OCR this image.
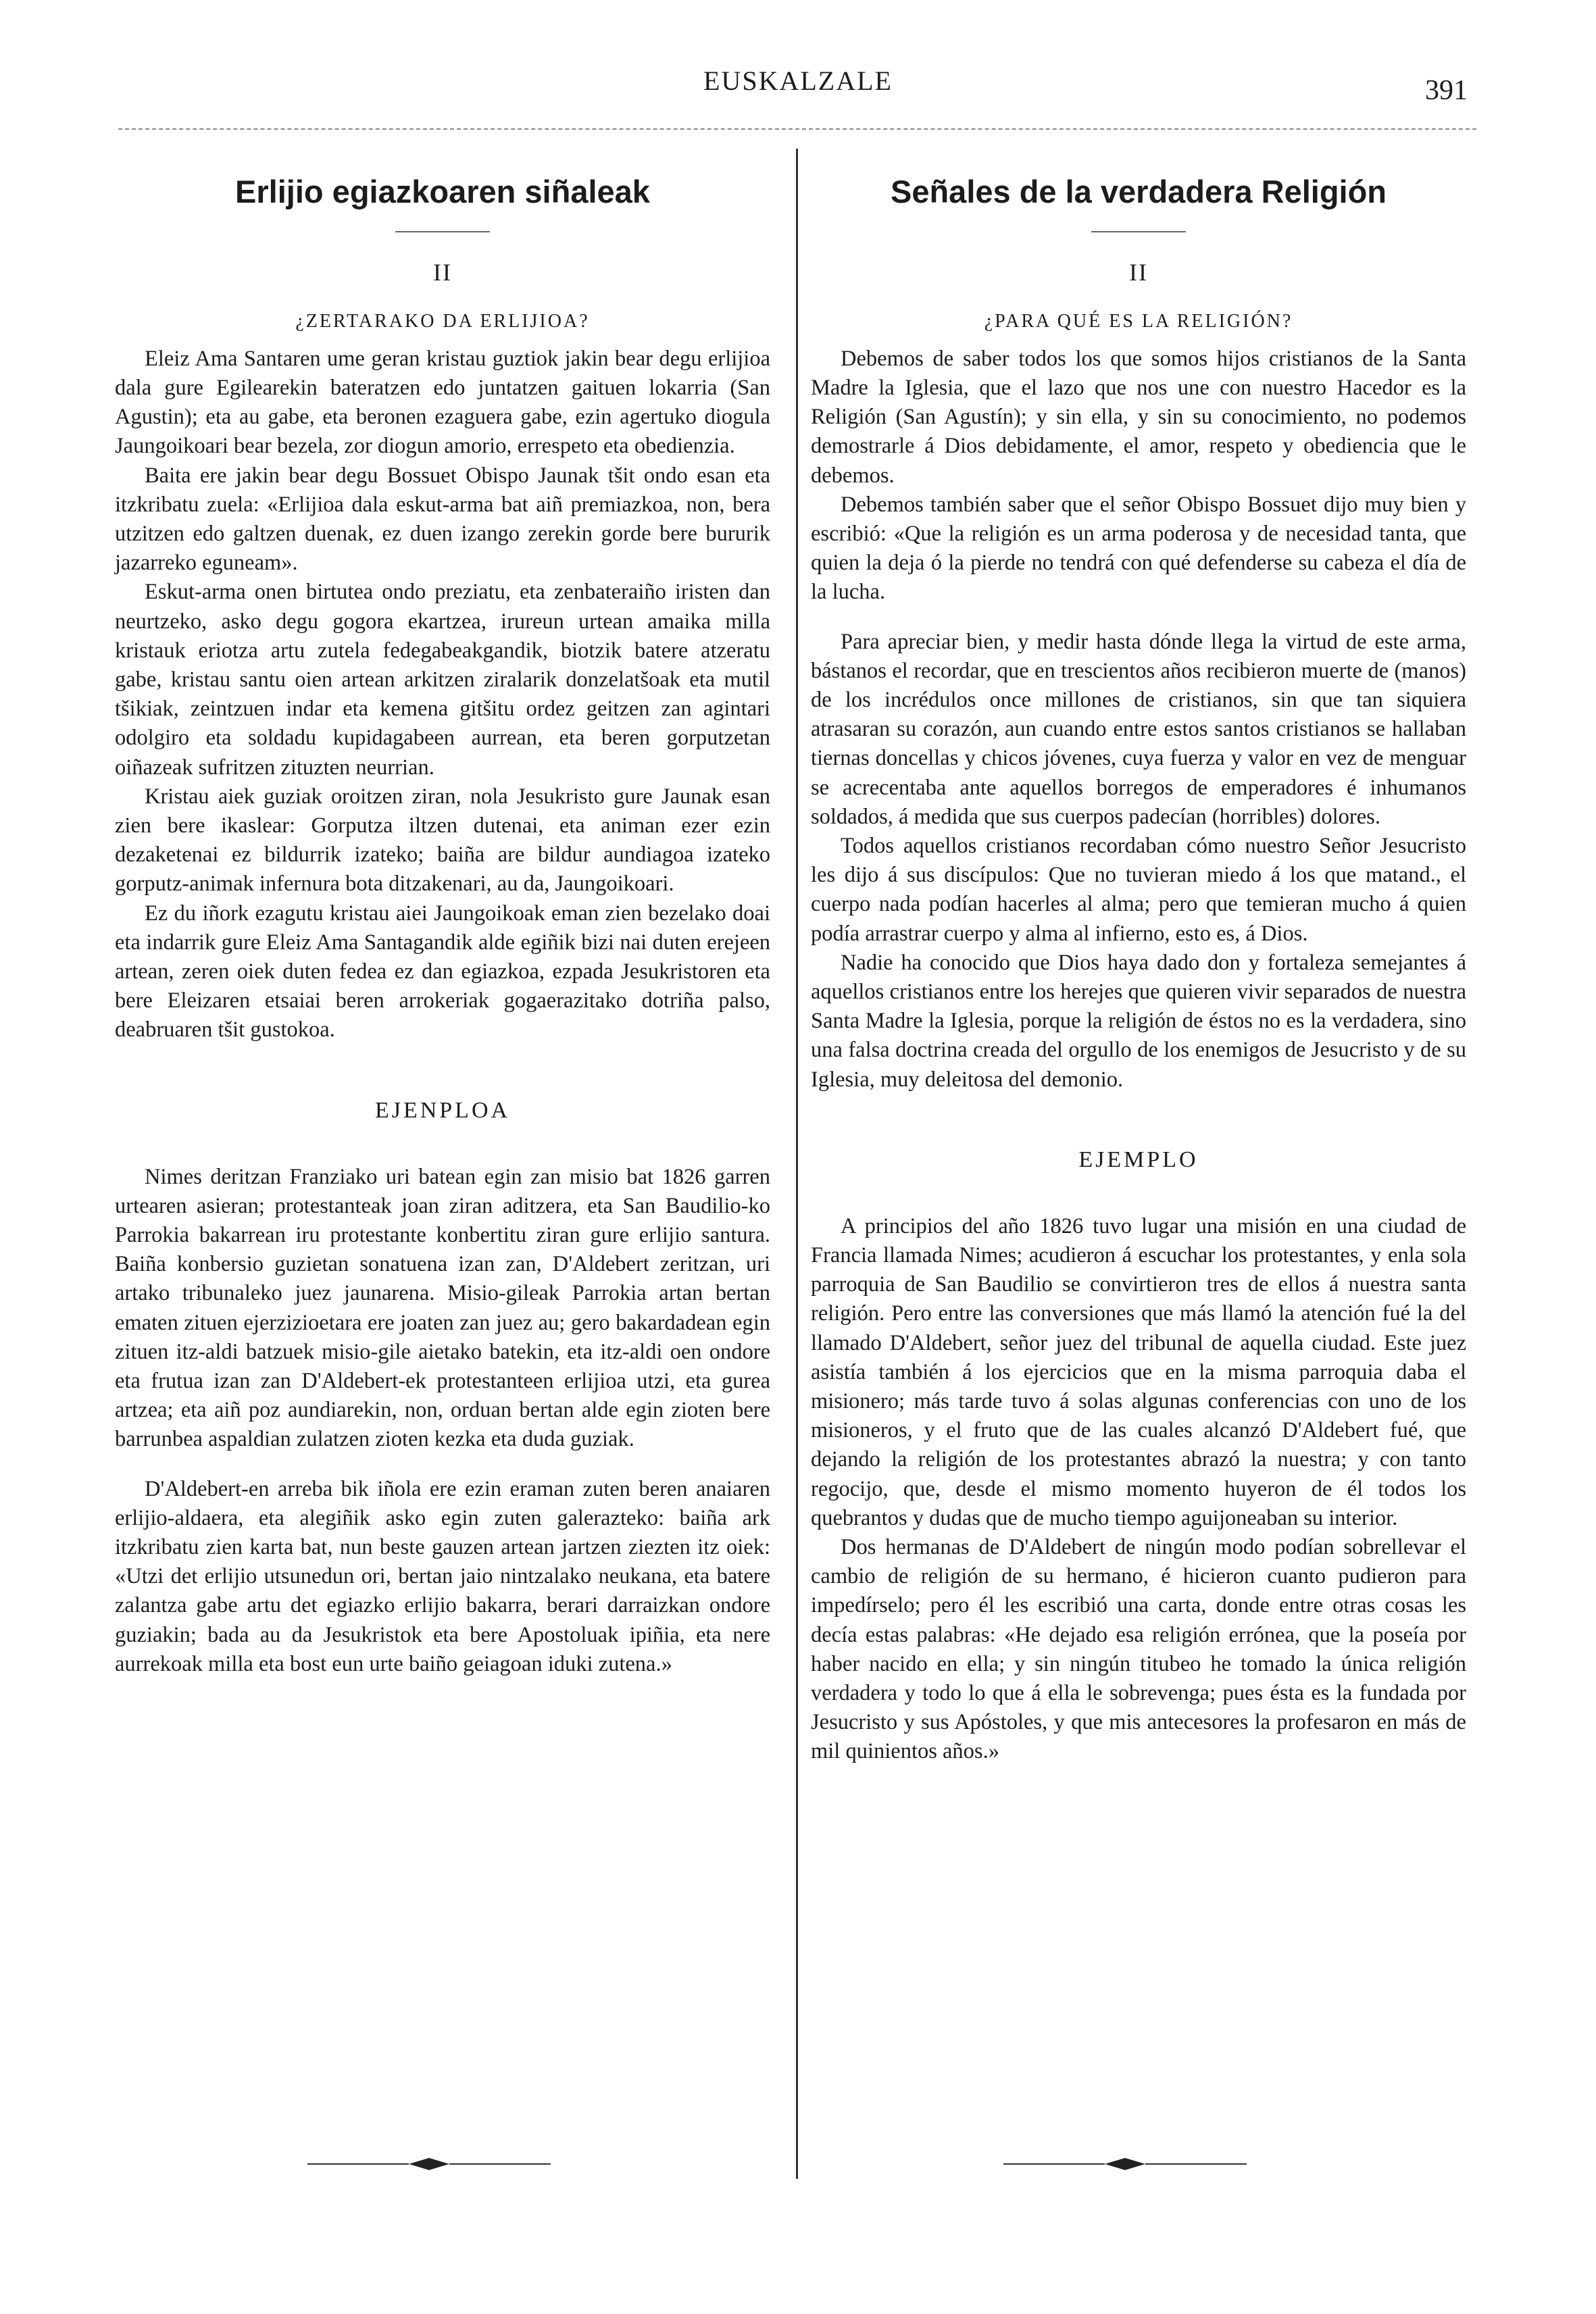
EUSKALZALE	391
Erlijio egiazkoaren siñaleak
II
¿ZERTARAKO DA ERLIJIOA?

Eleiz Ama Santaren ume geran kristau guztiok jakin bear degu erlijioa dala gure Egilearekin bateratzen edo juntatzen gaituen lokarria (San Agustin); eta au gabe, eta beronen ezaguera gabe, ezin agertuko diogula Jaungoikoari bear bezela, zor diogun amorio, errespeto eta obedienzia.

Baita ere jakin bear degu Bossuet Obispo Jaunak tšit ondo esan eta itzkribatu zuela: «Erlijioa dala eskut-arma bat aiñ premiazkoa, non, bera utzitzen edo galtzen duenak, ez duen izango zerekin gorde bere bururik jazarreko eguneam».

Eskut-arma onen birtutea ondo preziatu, eta zenbateraiño iristen dan neurtzeko, asko degu gogora ekartzea, irureun urtean amaika milla kristauk eriotza artu zutela fedegabeakgandik, biotzik batere atzeratu gabe, kristau santu oien artean arkitzen ziralarik donzelatšoak eta mutil tšikiak, zeintzuen indar eta kemena gitšitu ordez geitzen zan agintari odolgiro eta soldadu kupidagabeen aurrean, eta beren gorputzetan oiñazeak sufritzen zituzten neurrian.

Kristau aiek guziak oroitzen ziran, nola Jesukristo gure Jaunak esan zien bere ikaslear: Gorputza iltzen dutenai, eta animan ezer ezin dezaketenai ez bildurrik izateko; baiña are bildur aundiagoa izateko gorputz-animak infernura bota ditzakenari, au da, Jaungoikoari.

Ez du iñork ezagutu kristau aiei Jaungoikoak eman zien bezelako doai eta indarrik gure Eleiz Ama Santagandik alde egiñik bizi nai duten erejeen artean, zeren oiek duten fedea ez dan egiazkoa, ezpada Jesukristoren eta bere Eleizaren etsaiai beren arrokeriak gogaerazitako dotriña palso, deabruaren tšit gustokoa.

EJENPLOA

Nimes deritzan Franziako uri batean egin zan misio bat 1826 garren urtearen asieran; protestanteak joan ziran aditzera, eta San Baudilio-ko Parrokia bakarrean iru protestante konbertitu ziran gure erlijio santura. Baiña konbersio guzietan sonatuena izan zan, D'Aldebert zeritzan, uri artako tribunaleko juez jaunarena. Misio-gileak Parrokia artan bertan ematen zituen ejerzizioetara ere joaten zan juez au; gero bakardadean egin zituen itz-aldi batzuek misio-gile aietako batekin, eta itz-aldi oen ondore eta frutua izan zan D'Aldebert-ek protestanteen erlijioa utzi, eta gurea artzea; eta aiñ poz aundiarekin, non, orduan bertan alde egin zioten bere barrunbea aspaldian zulatzen zioten kezka eta duda guziak.

D'Aldebert-en arreba bik iñola ere ezin eraman zuten beren anaiaren erlijio-aldaera, eta alegiñik asko egin zuten galerazteko: baiña ark itzkribatu zien karta bat, nun beste gauzen artean jartzen ziezten itz oiek: «Utzi det erlijio utsunedun ori, bertan jaio nintzalako neukana, eta batere zalantza gabe artu det egiazko erlijio bakarra, berari darraizkan ondore guziakin; bada au da Jesukristok eta bere Apostoluak ipiñia, eta nere aurrekoak milla eta bost eun urte baiño geiagoan iduki zutena.»

Señales de la verdadera Religión
II
¿PARA QUÉ ES LA RELIGIÓN?

Debemos de saber todos los que somos hijos cristianos de la Santa Madre la Iglesia, que el lazo que nos une con nuestro Hacedor es la Religión (San Agustín); y sin ella, y sin su conocimiento, no podemos demostrarle á Dios debidamente, el amor, respeto y obediencia que le debemos.

Debemos también saber que el señor Obispo Bossuet dijo muy bien y escribió: «Que la religión es un arma poderosa y de necesidad tanta, que quien la deja ó la pierde no tendrá con qué defenderse su cabeza el día de la lucha.

Para apreciar bien, y medir hasta dónde llega la virtud de este arma, bástanos el recordar, que en trescientos años recibieron muerte de (manos) de los incrédulos once millones de cristianos, sin que tan siquiera atrasaran su corazón, aun cuando entre estos santos cristianos se hallaban tiernas doncellas y chicos jóvenes, cuya fuerza y valor en vez de menguar se acrecentaba ante aquellos borregos de emperadores é inhumanos soldados, á medida que sus cuerpos padecían (horribles) dolores.

Todos aquellos cristianos recordaban cómo nuestro Señor Jesucristo les dijo á sus discípulos: Que no tuvieran miedo á los que matand., el cuerpo nada podían hacerles al alma; pero que temieran mucho á quien podía arrastrar cuerpo y alma al infierno, esto es, á Dios.

Nadie ha conocido que Dios haya dado don y fortaleza semejantes á aquellos cristianos entre los herejes que quieren vivir separados de nuestra Santa Madre la Iglesia, porque la religión de éstos no es la verdadera, sino una falsa doctrina creada del orgullo de los enemigos de Jesucristo y de su Iglesia, muy deleitosa del demonio.

EJEMPLO

A principios del año 1826 tuvo lugar una misión en una ciudad de Francia llamada Nimes; acudieron á escuchar los protestantes, y enla sola parroquia de San Baudilio se convirtieron tres de ellos á nuestra santa religión. Pero entre las conversiones que más llamó la atención fué la del llamado D'Aldebert, señor juez del tribunal de aquella ciudad. Este juez asistía también á los ejercicios que en la misma parroquia daba el misionero; más tarde tuvo á solas algunas conferencias con uno de los misioneros, y el fruto que de las cuales alcanzó D'Aldebert fué, que dejando la religión de los protestantes abrazó la nuestra; y con tanto regocijo, que, desde el mismo momento huyeron de él todos los quebrantos y dudas que de mucho tiempo aguijoneaban su interior.

Dos hermanas de D'Aldebert de ningún modo podían sobrellevar el cambio de religión de su hermano, é hicieron cuanto pudieron para impedírselo; pero él les escribió una carta, donde entre otras cosas les decía estas palabras: «He dejado esa religión errónea, que la poseía por haber nacido en ella; y sin ningún titubeo he tomado la única religión verdadera y todo lo que á ella le sobrevenga; pues ésta es la fundada por Jesucristo y sus Apóstoles, y que mis antecesores la profesaron en más de mil quinientos años.»
